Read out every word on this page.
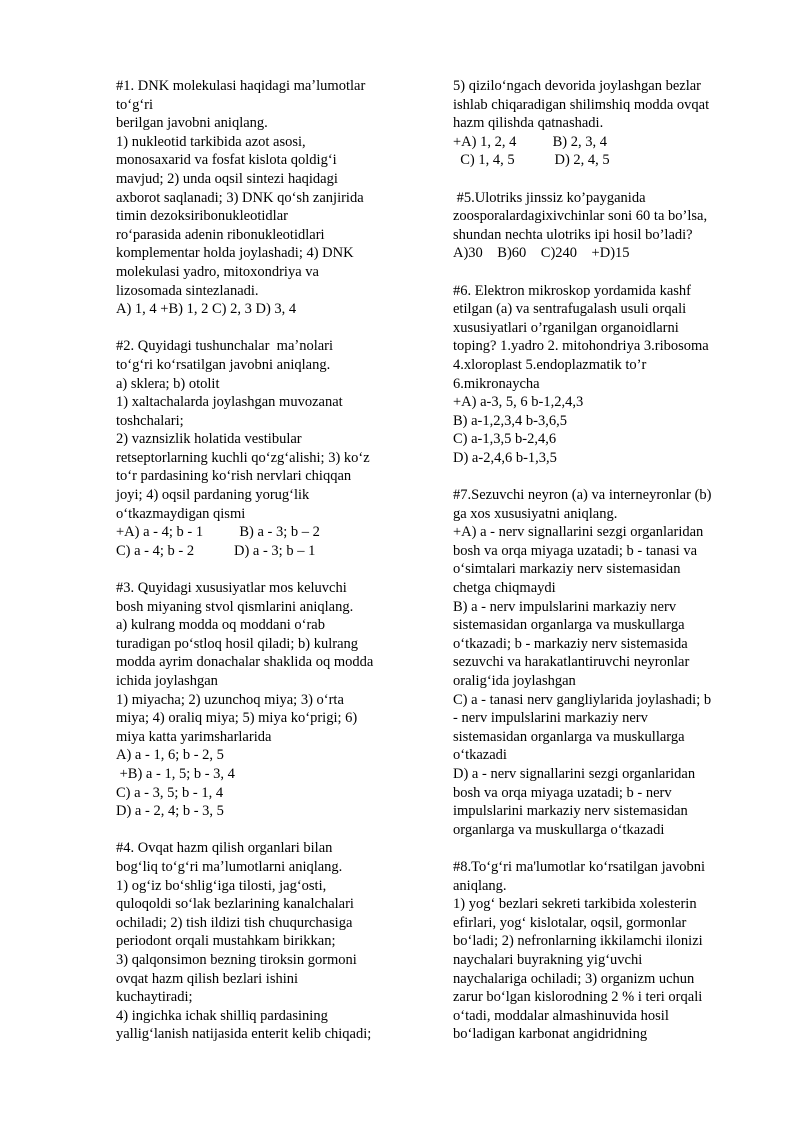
#1. DNK molekulasi haqidagi maʼlumotlar
toʻgʻri
berilgan javobni aniqlang.
1) nukleotid tarkibida azot asosi,
monosaxarid va fosfat kislota qoldigʻi
mavjud; 2) unda oqsil sintezi haqidagi
axborot saqlanadi; 3) DNK qoʻsh zanjirida
timin dezoksiribonukleotidlar
roʻparasida adenin ribonukleotidlari
komplementar holda joylashadi; 4) DNK
molekulasi yadro, mitoxondriya va
lizosomada sintezlanadi.
A) 1, 4 +B) 1, 2 C) 2, 3 D) 3, 4
#2. Quyidagi tushunchalar  maʼnolari
toʻgʻri koʻrsatilgan javobni aniqlang.
a) sklera; b) otolit
1) xaltachalarda joylashgan muvozanat
toshchalari;
2) vaznsizlik holatida vestibular
retseptorlarning kuchli qoʻzgʻalishi; 3) koʻz
toʻr pardasining koʻrish nervlari chiqqan
joyi; 4) oqsil pardaning yorugʻlik
oʻtkazmaydigan qismi
+A) a - 4; b - 1          B) a - 3; b – 2
C) a - 4; b - 2           D) a - 3; b – 1
#3. Quyidagi xususiyatlar mos keluvchi
bosh miyaning stvol qismlarini aniqlang.
a) kulrang modda oq moddani oʻrab
turadigan poʻstloq hosil qiladi; b) kulrang
modda ayrim donachalar shaklida oq modda
ichida joylashgan
1) miyacha; 2) uzunchoq miya; 3) oʻrta
miya; 4) oraliq miya; 5) miya koʻprigi; 6)
miya katta yarimsharlarida
A) a - 1, 6; b - 2, 5
+B) a - 1, 5; b - 3, 4
C) a - 3, 5; b - 1, 4
D) a - 2, 4; b - 3, 5
#4. Ovqat hazm qilish organlari bilan
bogʻliq toʻgʻri maʼlumotlarni aniqlang.
1) ogʻiz boʻshligʻiga tilosti, jagʻosti,
quloqoldi soʻlak bezlarining kanalchalari
ochiladi; 2) tish ildizi tish chuqurchasiga
periodont orqali mustahkam birikkan;
3) qalqonsimon bezning tiroksin gormoni
ovqat hazm qilish bezlari ishini
kuchaytiradi;
4) ingichka ichak shilliq pardasining
yalligʻlanish natijasida enterit kelib chiqadi;
5) qiziloʻngach devorida joylashgan bezlar
ishlab chiqaradigan shilimshiq modda ovqat
hazm qilishda qatnashadi.
+A) 1, 2, 4          B) 2, 3, 4
C) 1, 4, 5           D) 2, 4, 5
#5.Ulotriks jinssiz ko’payganida
zoosporalardagixivchinlar soni 60 ta bo’lsa,
shundan nechta ulotriks ipi hosil bo’ladi?
A)30    B)60    C)240    +D)15
#6. Elektron mikroskop yordamida kashf
etilgan (a) va sentrafugalash usuli orqali
xususiyatlari o’rganilgan organoidlarni
toping? 1.yadro 2. mitohondriya 3.ribosoma
4.xloroplast 5.endoplazmatik to’r
6.mikronaycha
+A) a-3, 5, 6 b-1,2,4,3
B) a-1,2,3,4 b-3,6,5
C) a-1,3,5 b-2,4,6
D) a-2,4,6 b-1,3,5
#7.Sezuvchi neyron (a) va interneyronlar (b)
ga xos xususiyatni aniqlang.
+A) a - nerv signallarini sezgi organlaridan
bosh va orqa miyaga uzatadi; b - tanasi va
oʻsimtalari markaziy nerv sistemasidan
chetga chiqmaydi
B) a - nerv impulslarini markaziy nerv
sistemasidan organlarga va muskullarga
oʻtkazadi; b - markaziy nerv sistemasida
sezuvchi va harakatlantiruvchi neyronlar
oraligʻida joylashgan
C) a - tanasi nerv gangliylarida joylashadi; b
- nerv impulslarini markaziy nerv
sistemasidan organlarga va muskullarga
oʻtkazadi
D) a - nerv signallarini sezgi organlaridan
bosh va orqa miyaga uzatadi; b - nerv
impulslarini markaziy nerv sistemasidan
organlarga va muskullarga oʻtkazadi
#8.Toʻgʻri ma'lumotlar koʻrsatilgan javobni
aniqlang.
1) yogʻ bezlari sekreti tarkibida xolesterin
efirlari, yogʻ kislotalar, oqsil, gormonlar
boʻladi; 2) nefronlarning ikkilamchi ilonizi
naychalari buyrakning yigʻuvchi
naychalariga ochiladi; 3) organizm uchun
zarur boʻlgan kislorodning 2 % i teri orqali
oʻtadi, moddalar almashinuvida hosil
boʻladigan karbonat angidridning
